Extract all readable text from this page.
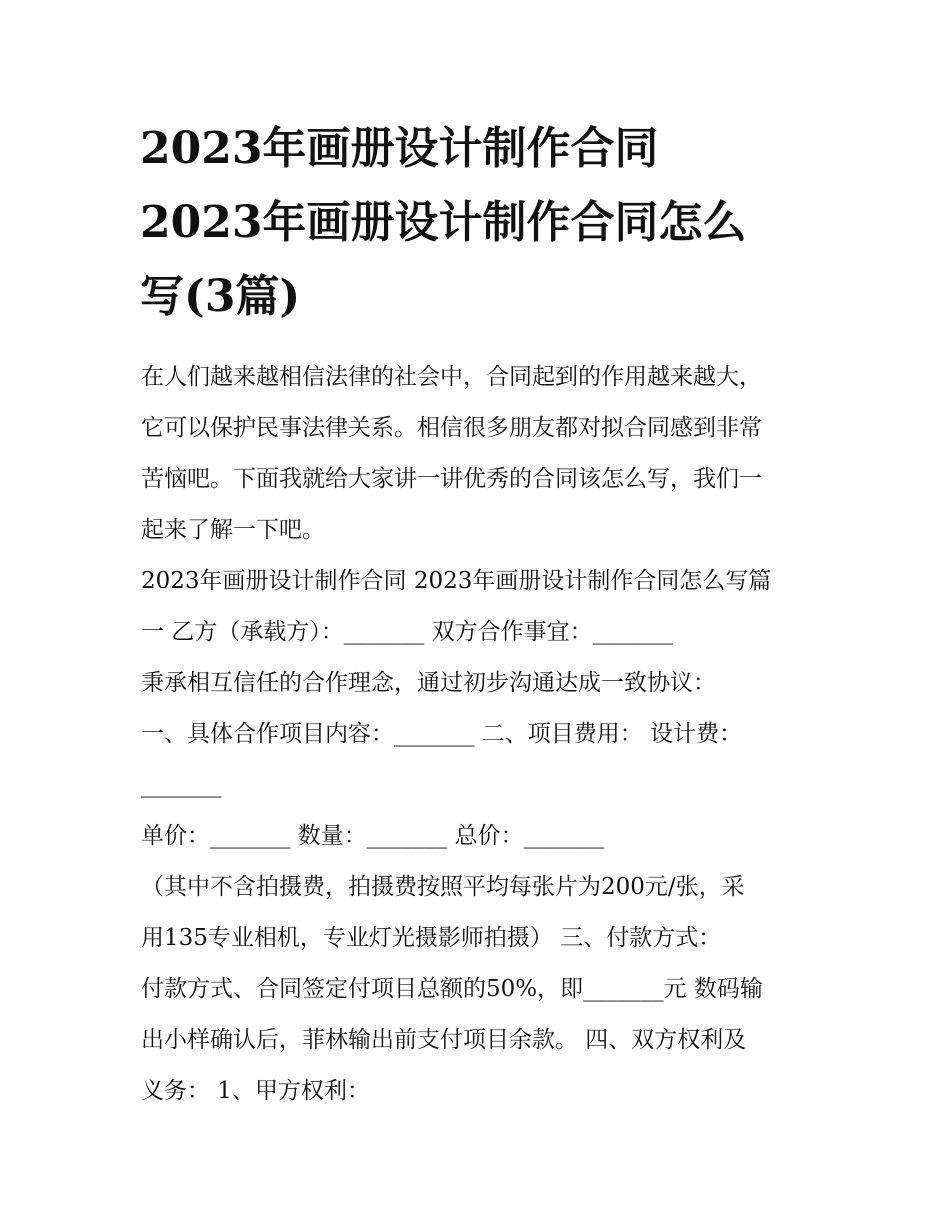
2023年画册设计制作合同
2023年画册设计制作合同怎么
写(3篇)

在人们越来越相信法律的社会中，合同起到的作用越来越大，
它可以保护民事法律关系。相信很多朋友都对拟合同感到非常
苦恼吧。下面我就给大家讲一讲优秀的合同该怎么写，我们一
起来了解一下吧。

2023年画册设计制作合同 2023年画册设计制作合同怎么写篇
一 乙方（承载方）：_______ 双方合作事宜：_______

秉承相互信任的合作理念，通过初步沟通达成一致协议：

一、具体合作项目内容：_______ 二、项目费用： 设计费：
_______

单价：_______ 数量：_______ 总价：_______

（其中不含拍摄费，拍摄费按照平均每张片为200元/张，采
用135专业相机，专业灯光摄影师拍摄） 三、付款方式：

付款方式、合同签定付项目总额的50%，即_______元 数码输
出小样确认后，菲林输出前支付项目余款。 四、双方权利及
义务： 1、甲方权利：
